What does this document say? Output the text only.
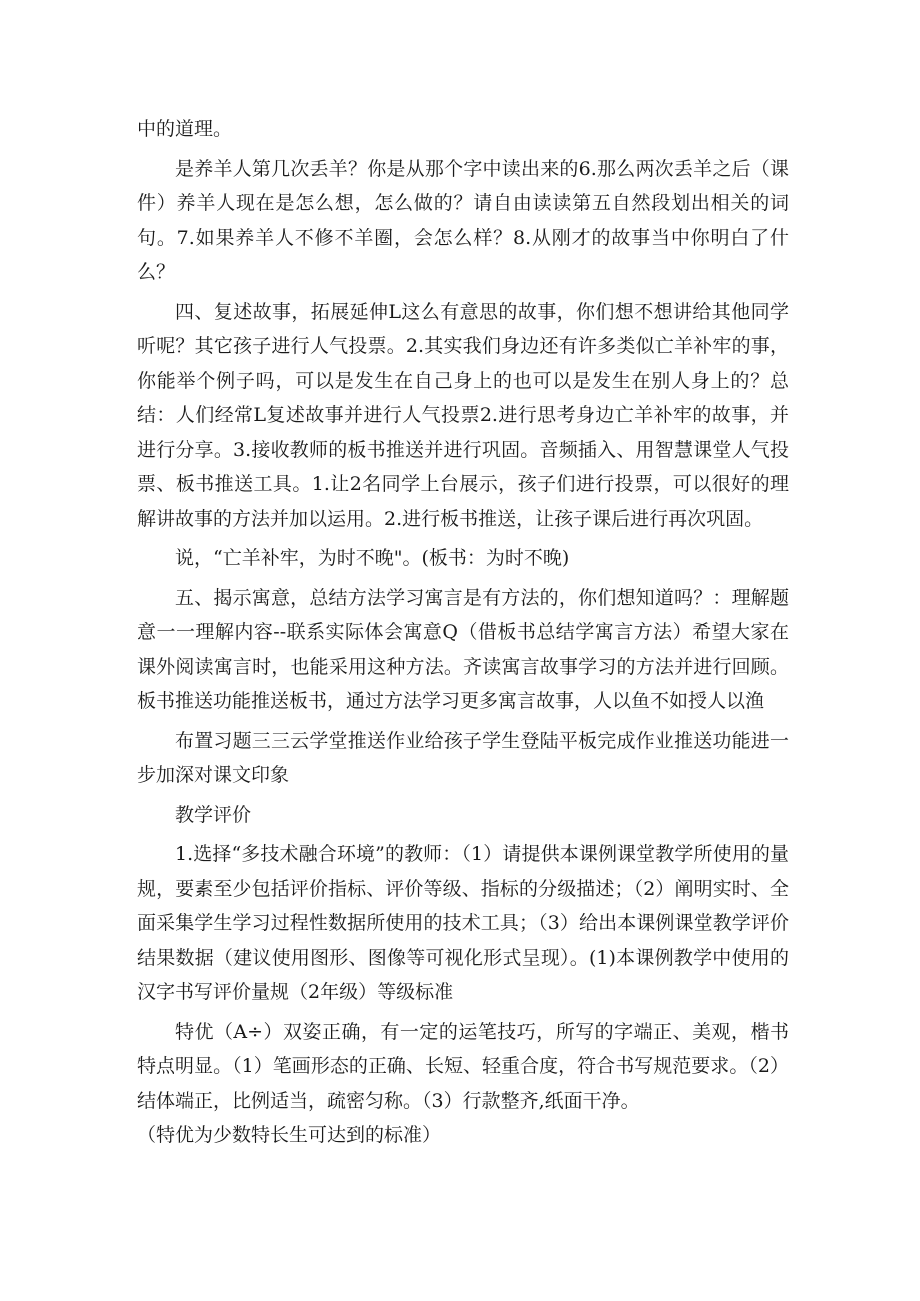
中的道理。

是养羊人第几次丢羊？你是从那个字中读出来的6.那么两次丢羊之后（课件）养羊人现在是怎么想，怎么做的？请自由读读第五自然段划出相关的词句。7.如果养羊人不修不羊圈，会怎么样？8.从刚才的故事当中你明白了什么？

四、复述故事，拓展延伸L这么有意思的故事，你们想不想讲给其他同学听呢？其它孩子进行人气投票。2.其实我们身边还有许多类似亡羊补牢的事，你能举个例子吗，可以是发生在自己身上的也可以是发生在别人身上的？总结：人们经常L复述故事并进行人气投票2.进行思考身边亡羊补牢的故事，并进行分享。3.接收教师的板书推送并进行巩固。音频插入、用智慧课堂人气投票、板书推送工具。1.让2名同学上台展示，孩子们进行投票，可以很好的理解讲故事的方法并加以运用。2.进行板书推送，让孩子课后进行再次巩固。

说，“亡羊补牢，为时不晚"。(板书：为时不晚)

五、揭示寓意，总结方法学习寓言是有方法的，你们想知道吗？：理解题意一一理解内容--联系实际体会寓意Q（借板书总结学寓言方法）希望大家在课外阅读寓言时，也能采用这种方法。齐读寓言故事学习的方法并进行回顾。板书推送功能推送板书，通过方法学习更多寓言故事，人以鱼不如授人以渔

布置习题三三云学堂推送作业给孩子学生登陆平板完成作业推送功能进一步加深对课文印象

教学评价

1.选择“多技术融合环境”的教师：（1）请提供本课例课堂教学所使用的量规，要素至少包括评价指标、评价等级、指标的分级描述；（2）阐明实时、全面采集学生学习过程性数据所使用的技术工具；（3）给出本课例课堂教学评价结果数据（建议使用图形、图像等可视化形式呈现）。(1)本课例教学中使用的汉字书写评价量规（2年级）等级标准

特优（A÷）双姿正确，有一定的运笔技巧，所写的字端正、美观，楷书特点明显。（1）笔画形态的正确、长短、轻重合度，符合书写规范要求。（2）结体端正，比例适当，疏密匀称。（3）行款整齐,纸面干净。

（特优为少数特长生可达到的标准）
